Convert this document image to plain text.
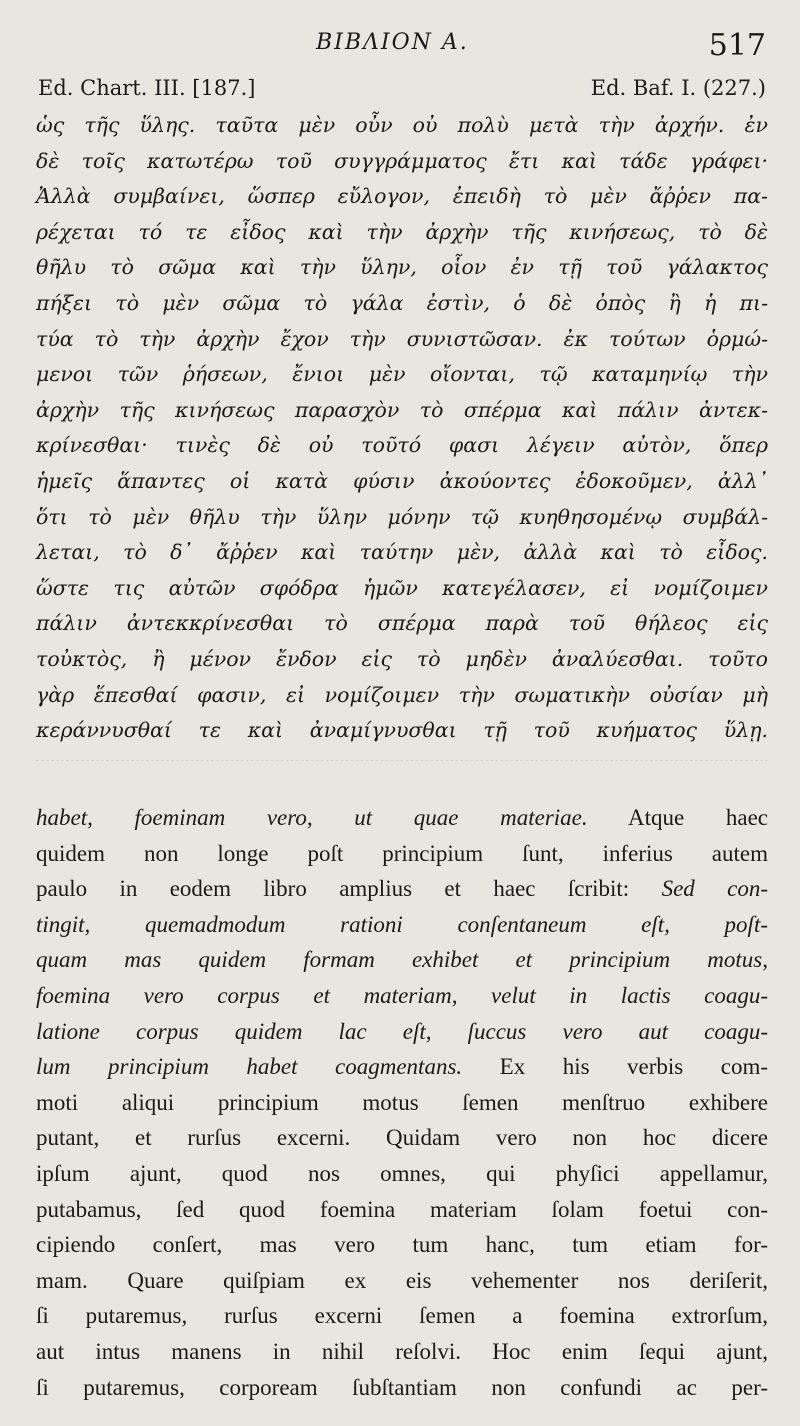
BIBΛΙΟΝ Α.	517
Ed. Chart. III. [187.]	Ed. Baf. I. (227.)
ὡς τῆς ὕλης. ταῦτα μὲν οὖν οὐ πολὺ μετὰ τὴν ἀρχήν. ἐν
δὲ τοῖς κατωτέρω τοῦ συγγράμματος ἔτι καὶ τάδε γράφει·
Ἀλλὰ συμβαίνει, ὥσπερ εὔλογον, ἐπειδὴ τὸ μὲν ἄῤῥεν πα-
ρέχεται τό τε εἶδος καὶ τὴν ἀρχὴν τῆς κινήσεως, τὸ δὲ
θῆλυ τὸ σῶμα καὶ τὴν ὕλην, οἷον ἐν τῇ τοῦ γάλακτος
πήξει τὸ μὲν σῶμα τὸ γάλα ἐστὶν, ὁ δὲ ὀπὸς ἢ ἡ πι-
τύα τὸ τὴν ἀρχὴν ἔχον τὴν συνιστῶσαν. ἐκ τούτων ὁρμώ-
μενοι τῶν ῥήσεων, ἔνιοι μὲν οἴονται, τῷ καταμηνίῳ τὴν
ἀρχὴν τῆς κινήσεως παρασχὸν τὸ σπέρμα καὶ πάλιν ἀντεκ-
κρίνεσθαι· τινὲς δὲ οὐ τοῦτό φασι λέγειν αὐτὸν, ὅπερ
ἡμεῖς ἅπαντες οἱ κατὰ φύσιν ἀκούοντες ἐδοκοῦμεν, ἀλλ᾽
ὅτι τὸ μὲν θῆλυ τὴν ὕλην μόνην τῷ κυηθησομένῳ συμβάλ-
λεται, τὸ δ᾽ ἄῤῥεν καὶ ταύτην μὲν, ἀλλὰ καὶ τὸ εἶδος.
ὥστε τις αὐτῶν σφόδρα ἡμῶν κατεγέλασεν, εἰ νομίζοιμεν
πάλιν ἀντεκκρίνεσθαι τὸ σπέρμα παρὰ τοῦ θήλεος εἰς
τοὐκτὸς, ἢ μένον ἔνδον εἰς τὸ μηδὲν ἀναλύεσθαι. τοῦτο
γὰρ ἕπεσθαί φασιν, εἰ νομίζοιμεν τὴν σωματικὴν οὐσίαν μὴ
κεράννυσθαί τε καὶ ἀναμίγνυσθαι τῇ τοῦ κυήματος ὕλῃ.
habet, foeminam vero, ut quae materiae. Atque haec
quidem non longe poſt principium ſunt, inferius autem
paulo in eodem libro amplius et haec ſcribit: Sed con-
tingit, quemadmodum rationi conſentaneum eſt, poſt-
quam mas quidem formam exhibet et principium motus,
foemina vero corpus et materiam, velut in lactis coagu-
latione corpus quidem lac eſt, ſuccus vero aut coagu-
lum principium habet coagmentans. Ex his verbis com-
moti aliqui principium motus ſemen menſtruo exhibere
putant, et rurſus excerni. Quidam vero non hoc dicere
ipſum ajunt, quod nos omnes, qui phyſici appellamur,
putabamus, ſed quod foemina materiam ſolam foetui con-
cipiendo conſert, mas vero tum hanc, tum etiam for-
mam. Quare quiſpiam ex eis vehementer nos deriſerit,
ſi putaremus, rurſus excerni ſemen a foemina extrorſum,
aut intus manens in nihil reſolvi. Hoc enim ſequi ajunt,
ſi putaremus, corpoream ſubſtantiam non confundi ac per-
